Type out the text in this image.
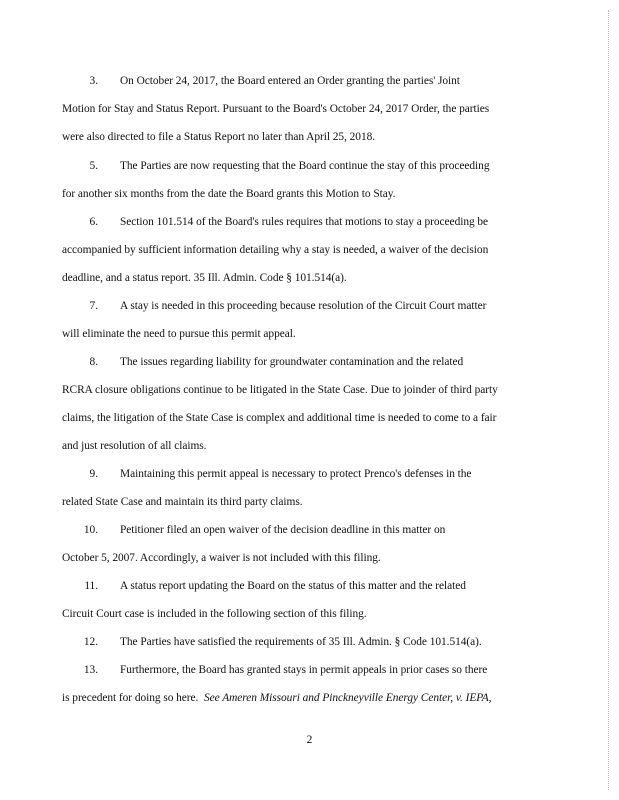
3. On October 24, 2017, the Board entered an Order granting the parties' Joint
Motion for Stay and Status Report. Pursuant to the Board's October 24, 2017 Order, the parties
were also directed to file a Status Report no later than April 25, 2018.
5. The Parties are now requesting that the Board continue the stay of this proceeding
for another six months from the date the Board grants this Motion to Stay.
6. Section 101.514 of the Board's rules requires that motions to stay a proceeding be
accompanied by sufficient information detailing why a stay is needed, a waiver of the decision
deadline, and a status report. 35 Ill. Admin. Code § 101.514(a).
7. A stay is needed in this proceeding because resolution of the Circuit Court matter
will eliminate the need to pursue this permit appeal.
8. The issues regarding liability for groundwater contamination and the related
RCRA closure obligations continue to be litigated in the State Case. Due to joinder of third party
claims, the litigation of the State Case is complex and additional time is needed to come to a fair
and just resolution of all claims.
9. Maintaining this permit appeal is necessary to protect Prenco's defenses in the
related State Case and maintain its third party claims.
10. Petitioner filed an open waiver of the decision deadline in this matter on
October 5, 2007. Accordingly, a waiver is not included with this filing.
11. A status report updating the Board on the status of this matter and the related
Circuit Court case is included in the following section of this filing.
12. The Parties have satisfied the requirements of 35 Ill. Admin. § Code 101.514(a).
13. Furthermore, the Board has granted stays in permit appeals in prior cases so there
is precedent for doing so here. See Ameren Missouri and Pinckneyville Energy Center, v. IEPA,
2
